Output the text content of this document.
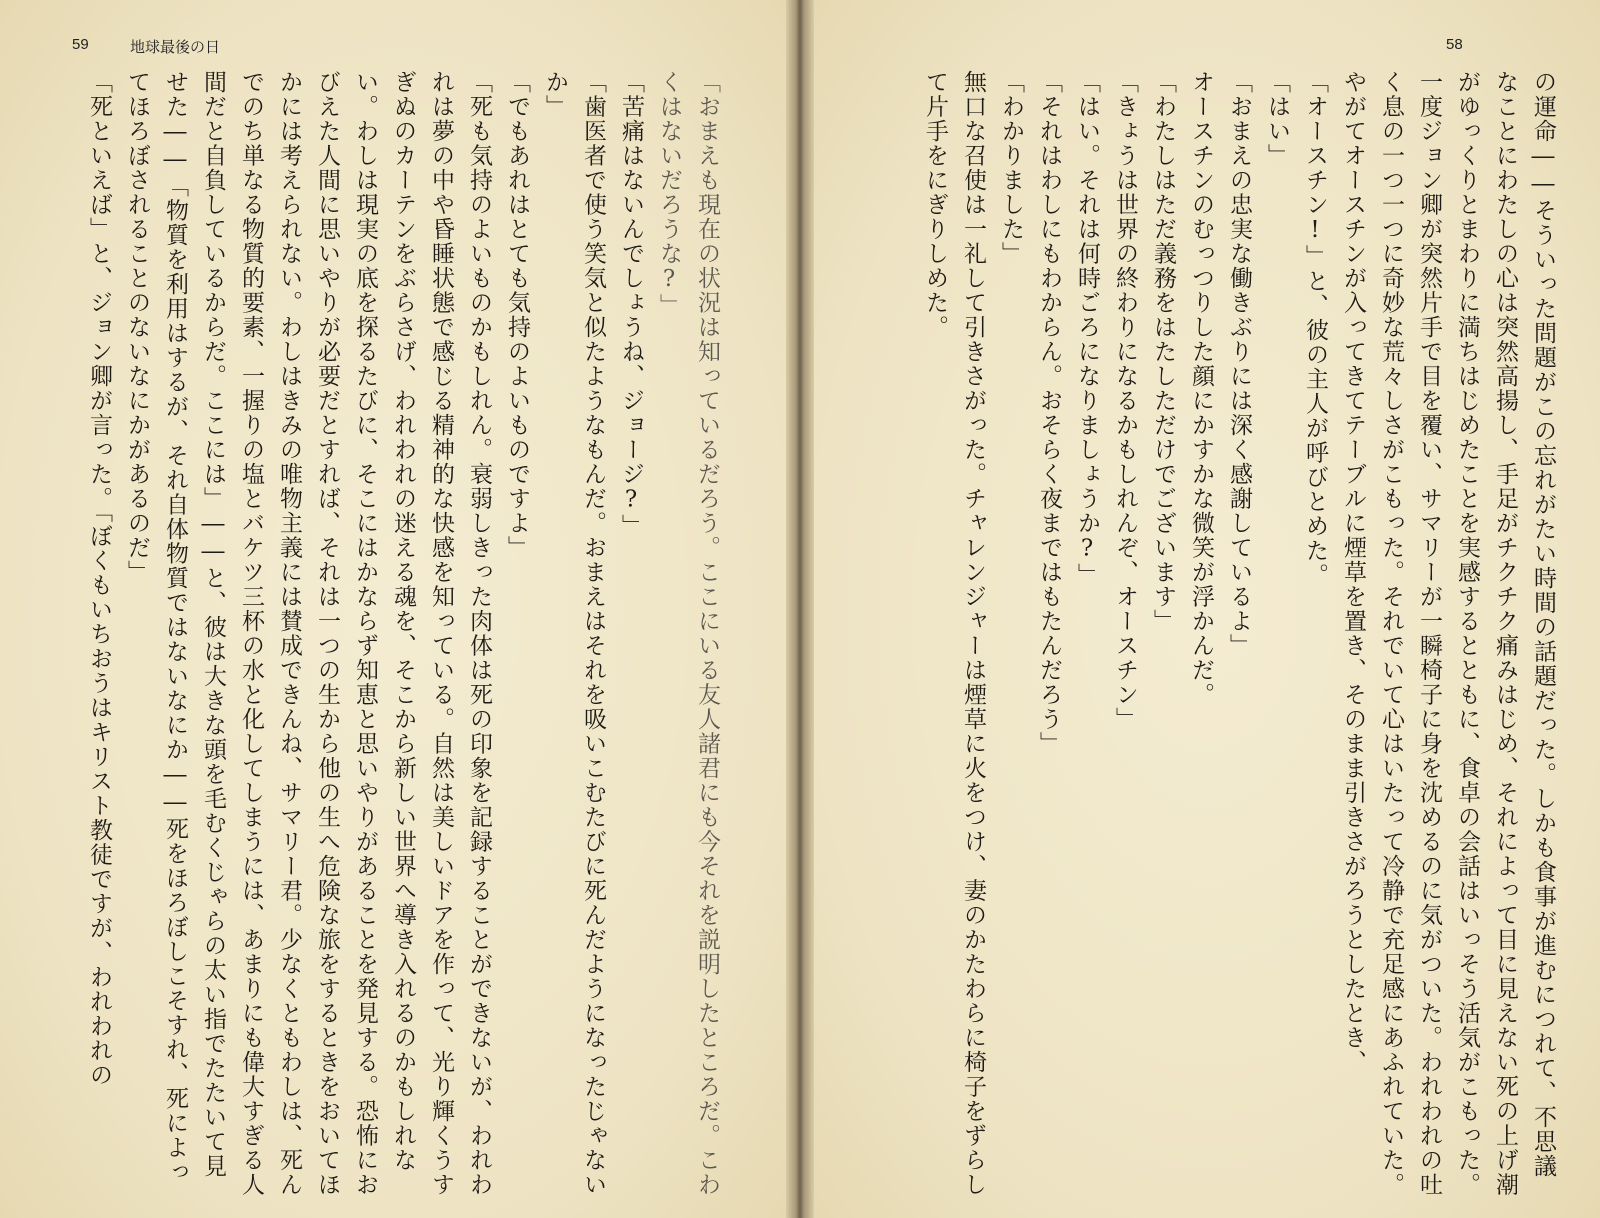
59	地球最後の日

「おまえも現在の状況は知っているだろう。ここにいる友人諸君にも今それを説明したところだ。こわくはないだろうな?」

「苦痛はないんでしょうね、ジョージ?」

「歯医者で使う笑気と似たようなもんだ。おまえはそれを吸いこむたびに死んだようになったじゃないか」

「でもあれはとても気持のよいものですよ」

「死も気持のよいものかもしれん。衰弱しきった肉体は死の印象を記録することができないが、われわれは夢の中や昏睡状態で感じる精神的な快感を知っている。自然は美しいドアを作って、光り輝くうすぎぬのカーテンをぶらさげ、われわれの迷える魂を、そこから新しい世界へ導き入れるのかもしれない。わしは現実の底を探るたびに、そこにはかならず知恵と思いやりがあることを発見する。恐怖におびえた人間に思いやりが必要だとすれば、それは一つの生から他の生へ危険な旅をするときをおいてほかには考えられない。わしはきみの唯物主義には賛成できんね、サマリー君。少なくともわしは、死んでのち単なる物質的要素、一握りの塩とバケツ三杯の水と化してしまうには、あまりにも偉大すぎる人間だと自負しているからだ。ここには」――と、彼は大きな頭を毛むくじゃらの太い指でたたいて見せた――「物質を利用はするが、それ自体物質ではないなにか――死をほろぼしこそすれ、死によってほろぼされることのないなにかがあるのだ」

「死といえば」と、ジョン卿が言った。「ぼくもいちおうはキリスト教徒ですが、われわれの

58

の運命――そういった問題がこの忘れがたい時間の話題だった。しかも食事が進むにつれて、不思議なことにわたしの心は突然高揚し、手足がチクチク痛みはじめ、それによって目に見えない死の上げ潮がゆっくりとまわりに満ちはじめたことを実感するとともに、食卓の会話はいっそう活気がこもった。一度ジョン卿が突然片手で目を覆い、サマリーが一瞬椅子に身を沈めるのに気がついた。われわれの吐く息の一つ一つに奇妙な荒々しさがこもった。それでいて心はいたって冷静で充足感にあふれていた。やがてオースチンが入ってきてテーブルに煙草を置き、そのまま引きさがろうとしたとき、

「オースチン!」と、彼の主人が呼びとめた。

「はい」

「おまえの忠実な働きぶりには深く感謝しているよ」

オースチンのむっつりした顔にかすかな微笑が浮かんだ。

「わたしはただ義務をはたしただけでございます」

「きょうは世界の終わりになるかもしれんぞ、オースチン」

「はい。それは何時ごろになりましょうか?」

「それはわしにもわからん。おそらく夜まではもたんだろう」

「わかりました」

無口な召使は一礼して引きさがった。チャレンジャーは煙草に火をつけ、妻のかたわらに椅子をずらして片手をにぎりしめた。
